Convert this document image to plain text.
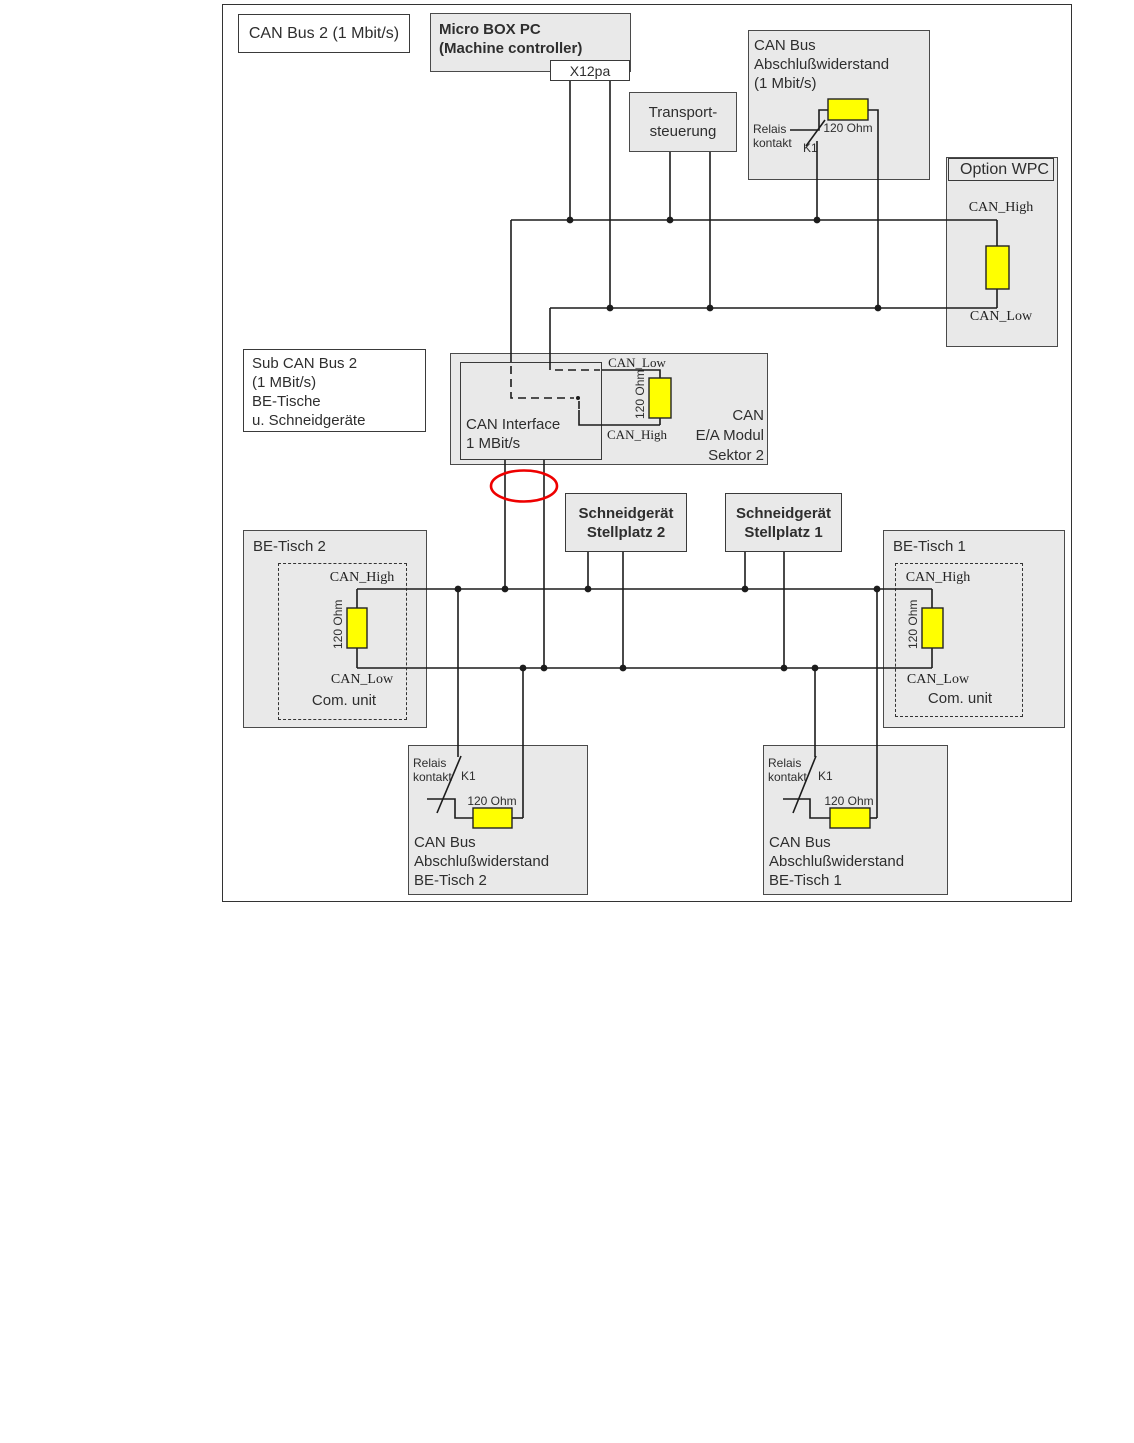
CAN Bus 2 (1 Mbit/s)	Micro BOX PC
(Machine controller)
X12pa
Transport-
steuerung
CAN Bus
Abschlußwiderstand
(1 Mbit/s)
Relais
kontakt K1
120 Ohm
Option WPC
CAN_High
CAN_Low
Sub CAN Bus 2
(1 MBit/s)
BE-Tische
u. Schneidgeräte	CAN Interface
1 MBit/s
CAN_Low
CAN_High
120 Ohm	CAN
E/A Modul
Sektor 2
Schneidgerät
Stellplatz 2
Schneidgerät
Stellplatz 1
BE-Tisch 2
CAN_High
120 Ohm
CAN_Low
Com. unit
BE-Tisch 1
CAN_High
120 Ohm
CAN_Low
Com. unit
Relais
kontakt K1
120 Ohm
CAN Bus
Abschlußwiderstand
BE-Tisch 2
Relais
kontakt K1
120 Ohm
CAN Bus
Abschlußwiderstand
BE-Tisch 1
